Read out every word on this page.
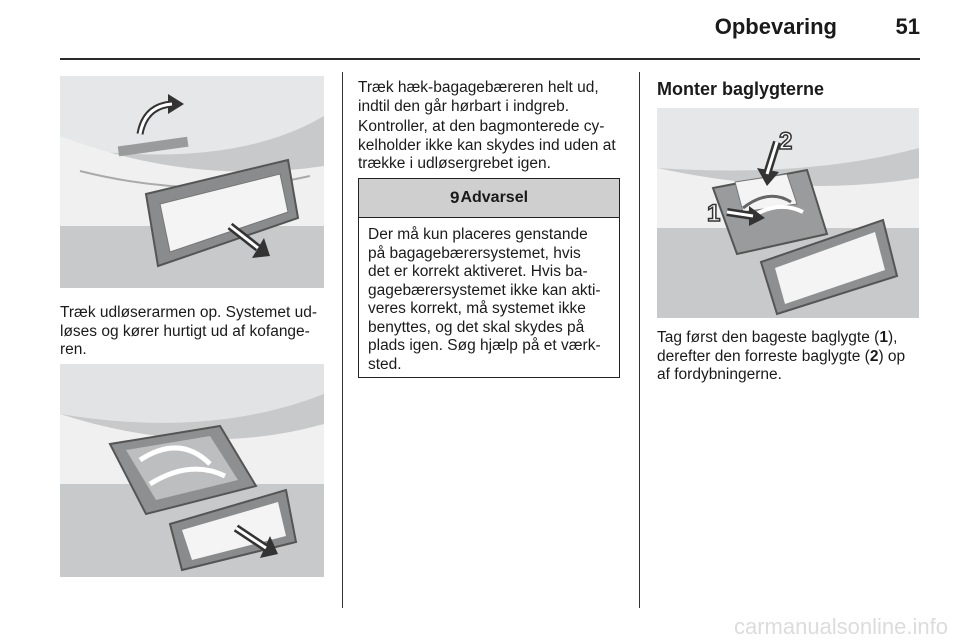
Opbevaring	51

Træk udløserarmen op. Systemet ud-
løses og kører hurtigt ud af kofange-
ren.

Træk hæk-bagagebæreren helt ud,
indtil den går hørbart i indgreb.

Kontroller, at den bagmonterede cy-
kelholder ikke kan skydes ind uden at
trække i udløsergrebet igen.

9 Advarsel
Der må kun placeres genstande
på bagagebærersystemet, hvis
det er korrekt aktiveret. Hvis ba-
gagebærersystemet ikke kan akti-
veres korrekt, må systemet ikke
benyttes, og det skal skydes på
plads igen. Søg hjælp på et værk-
sted.
Monter baglygterne
1
2

Tag først den bageste baglygte (1),
derefter den forreste baglygte (2) op
af fordybningerne.

carmanualsonline.info
